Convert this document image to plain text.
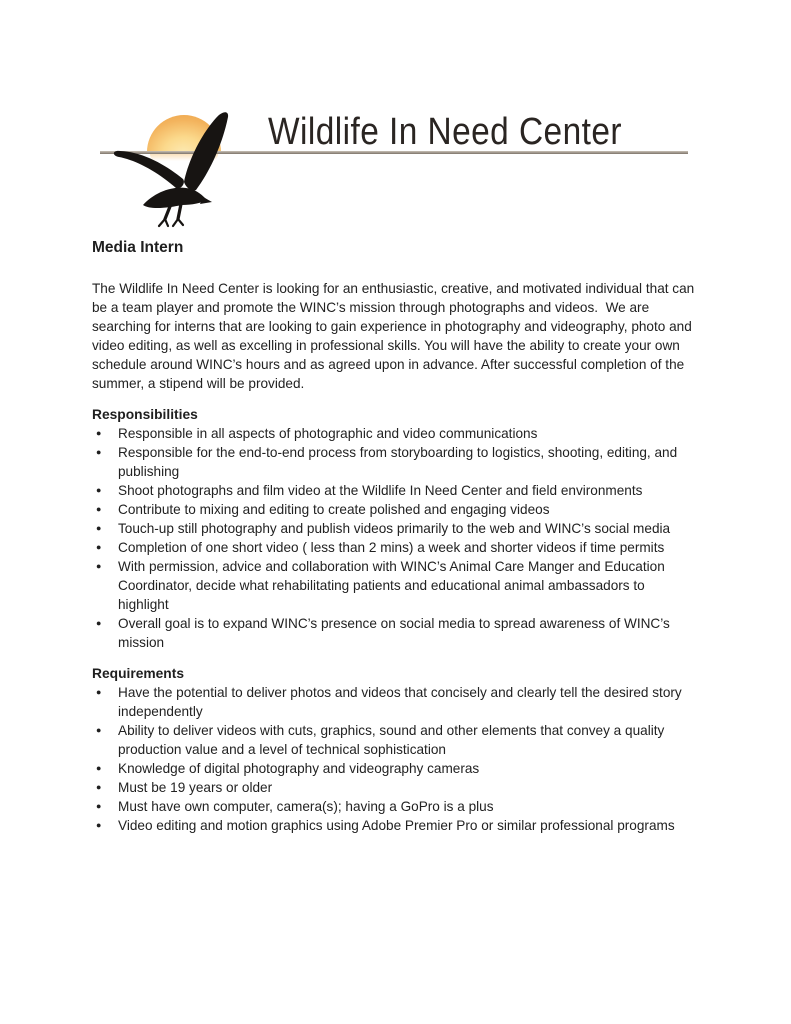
Wildlife In Need Center
Media Intern

The Wildlife In Need Center is looking for an enthusiastic, creative, and motivated individual that can be a team player and promote the WINC’s mission through photographs and videos.  We are searching for interns that are looking to gain experience in photography and videography, photo and video editing, as well as excelling in professional skills. You will have the ability to create your own schedule around WINC’s hours and as agreed upon in advance. After successful completion of the summer, a stipend will be provided.

Responsibilities
● Responsible in all aspects of photographic and video communications
● Responsible for the end-to-end process from storyboarding to logistics, shooting, editing, and publishing
● Shoot photographs and film video at the Wildlife In Need Center and field environments
● Contribute to mixing and editing to create polished and engaging videos
● Touch-up still photography and publish videos primarily to the web and WINC’s social media
● Completion of one short video ( less than 2 mins) a week and shorter videos if time permits
● With permission, advice and collaboration with WINC’s Animal Care Manger and Education Coordinator, decide what rehabilitating patients and educational animal ambassadors to highlight
● Overall goal is to expand WINC’s presence on social media to spread awareness of WINC’s mission
Requirements
● Have the potential to deliver photos and videos that concisely and clearly tell the desired story independently
● Ability to deliver videos with cuts, graphics, sound and other elements that convey a quality production value and a level of technical sophistication
● Knowledge of digital photography and videography cameras
● Must be 19 years or older
● Must have own computer, camera(s); having a GoPro is a plus
● Video editing and motion graphics using Adobe Premier Pro or similar professional programs
